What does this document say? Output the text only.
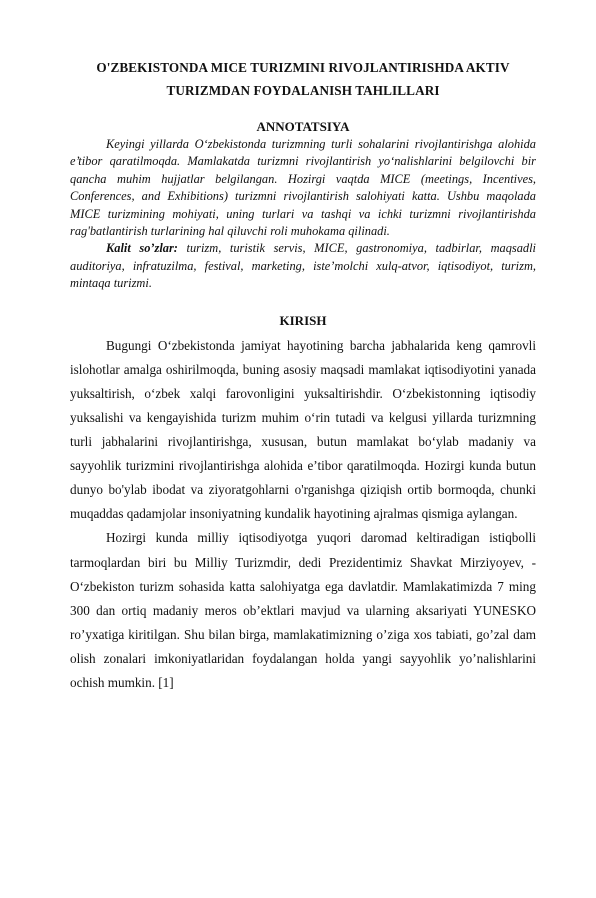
O'ZBEKISTONDA MICE TURIZMINI RIVOJLANTIRISHDA AKTIV TURIZMDAN FOYDALANISH TAHLILLARI
ANNOTATSIYA

Keyingi yillarda O‘zbekistonda turizmning turli sohalarini rivojlantirishga alohida e’tibor qaratilmoqda. Mamlakatda turizmni rivojlantirish yo‘nalishlarini belgilovchi bir qancha muhim hujjatlar belgilangan. Hozirgi vaqtda MICE (meetings, Incentives, Conferences, and Exhibitions) turizmni rivojlantirish salohiyati katta. Ushbu maqolada MICE turizmining mohiyati, uning turlari va tashqi va ichki turizmni rivojlantirishda rag'batlantirish turlarining hal qiluvchi roli muhokama qilinadi.

Kalit so’zlar: turizm, turistik servis, MICE, gastronomiya, tadbirlar, maqsadli auditoriya, infratuzilma, festival, marketing, iste’molchi xulq-atvor, iqtisodiyot, turizm, mintaqa turizmi.

KIRISH

Bugungi O‘zbekistonda jamiyat hayotining barcha jabhalarida keng qamrovli islohotlar amalga oshirilmoqda, buning asosiy maqsadi mamlakat iqtisodiyotini yanada yuksaltirish, o‘zbek xalqi farovonligini yuksaltirishdir. O‘zbekistonning iqtisodiy yuksalishi va kengayishida turizm muhim o‘rin tutadi va kelgusi yillarda turizmning turli jabhalarini rivojlantirishga, xususan, butun mamlakat bo‘ylab madaniy va sayyohlik turizmini rivojlantirishga alohida e’tibor qaratilmoqda. Hozirgi kunda butun dunyo bo'ylab ibodat va ziyoratgohlarni o'rganishga qiziqish ortib bormoqda, chunki muqaddas qadamjolar insoniyatning kundalik hayotining ajralmas qismiga aylangan.

Hozirgi kunda milliy iqtisodiyotga yuqori daromad keltiradigan istiqbolli tarmoqlardan biri bu Milliy Turizmdir, dedi Prezidentimiz Shavkat Mirziyoyev, - O‘zbekiston turizm sohasida katta salohiyatga ega davlatdir. Mamlakatimizda 7 ming 300 dan ortiq madaniy meros ob’ektlari mavjud va ularning aksariyati YUNESKO ro’yxatiga kiritilgan. Shu bilan birga, mamlakatimizning o’ziga xos tabiati, go’zal dam olish zonalari imkoniyatlaridan foydalangan holda yangi sayyohlik yo’nalishlarini ochish mumkin. [1]
